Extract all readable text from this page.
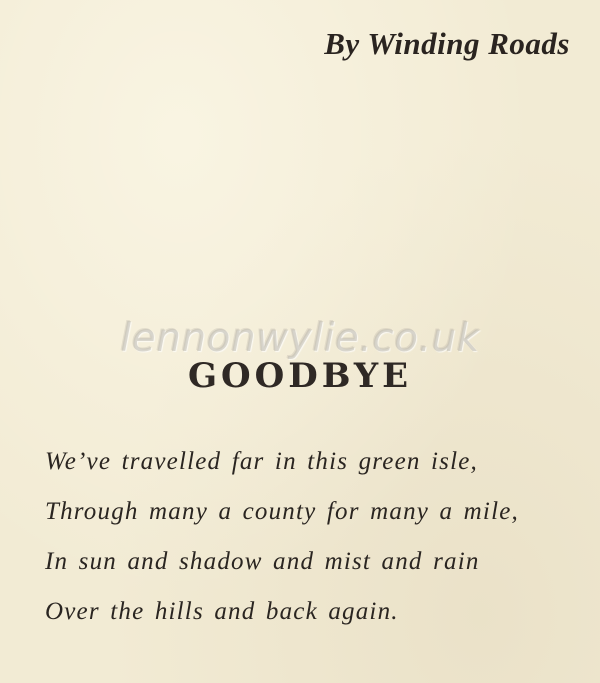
By Winding Roads
lennonwylie.co.uk
GOODBYE
We’ve travelled far in this green isle,
Through many a county for many a mile,
In sun and shadow and mist and rain
Over the hills and back again.
